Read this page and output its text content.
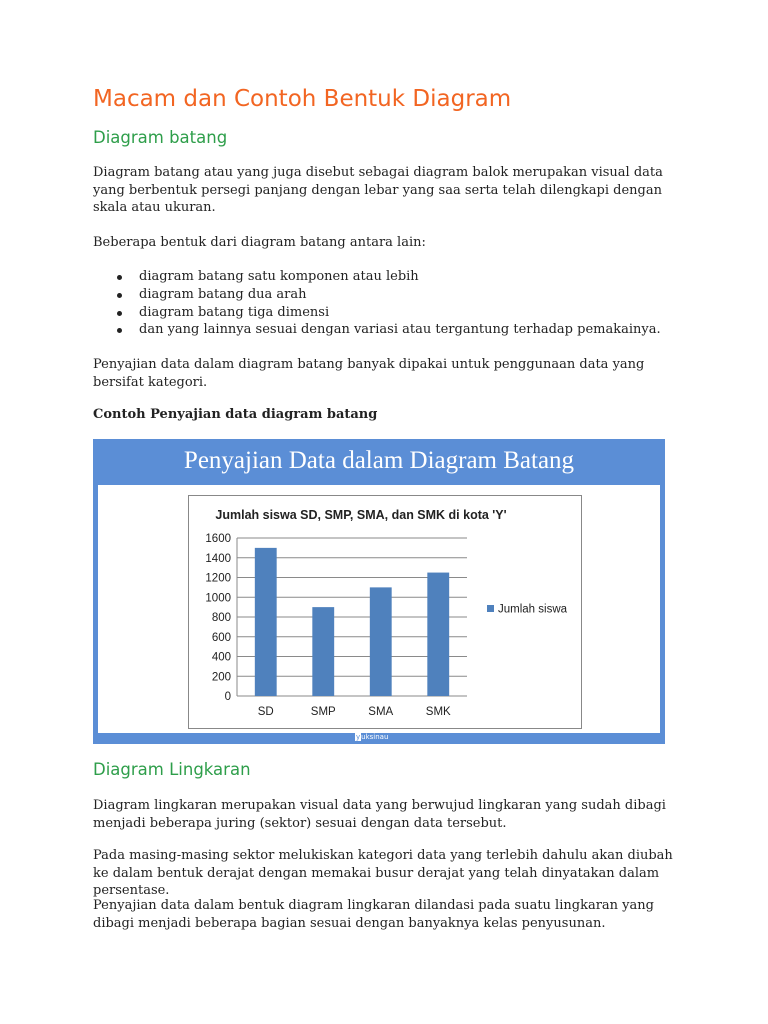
Macam dan Contoh Bentuk Diagram
Diagram batang

Diagram batang atau yang juga disebut sebagai diagram balok merupakan visual data yang berbentuk persegi panjang dengan lebar yang saa serta telah dilengkapi dengan skala atau ukuran.

Beberapa bentuk dari diagram batang antara lain:

diagram batang satu komponen atau lebih
diagram batang dua arah
diagram batang tiga dimensi
dan yang lainnya sesuai dengan variasi atau tergantung terhadap pemakainya.

Penyajian data dalam diagram batang banyak dipakai untuk penggunaan data yang bersifat kategori.

Contoh Penyajian data diagram batang

Diagram Lingkaran

Diagram lingkaran merupakan visual data yang berwujud lingkaran yang sudah dibagi menjadi beberapa juring (sektor) sesuai dengan data tersebut.

Pada masing-masing sektor melukiskan kategori data yang terlebih dahulu akan diubah ke dalam bentuk derajat dengan memakai busur derajat yang telah dinyatakan dalam persentase.

Penyajian data dalam bentuk diagram lingkaran dilandasi pada suatu lingkaran yang dibagi menjadi beberapa bagian sesuai dengan banyaknya kelas penyusunan.

Penyajian Data dalam Diagram Batang
Jumlah siswa SD, SMP, SMA, dan SMK di kota 'Y'
0
200
400
600
800
1000
1200
1400
1600
SD	SMP	SMA	SMK
Jumlah siswa
yuksinau
